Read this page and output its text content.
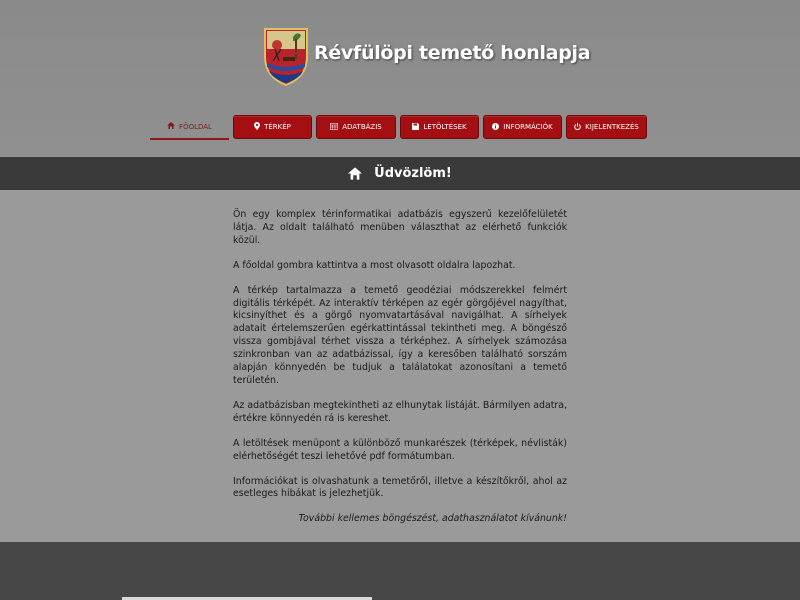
Révfülöpi temető honlapja
FŐOLDAL	TÉRKÉP	ADATBÁZIS	LETÖLTÉSEK	INFORMÁCIÓK	KIJELENTKEZÉS
Üdvözlöm!

Ön egy komplex térinformatikai adatbázis egyszerű kezelőfelületét látja. Az oldalt található menüben választhat az elérhető funkciók közül.

A főoldal gombra kattintva a most olvasott oldalra lapozhat.

A térkép tartalmazza a temető geodéziai módszerekkel felmért digitális térképét. Az interaktív térképen az egér görgőjével nagyíthat, kicsinyíthet és a görgő nyomvatartásával navigálhat. A sírhelyek adatait értelemszerűen egérkattintással tekintheti meg. A böngésző vissza gombjával térhet vissza a térképhez. A sírhelyek számozása szinkronban van az adatbázissal, így a keresőben található sorszám alapján könnyedén be tudjuk a találatokat azonosítani a temető területén.

Az adatbázisban megtekintheti az elhunytak listáját. Bármilyen adatra, értékre könnyedén rá is kereshet.

A letöltések menüpont a különböző munkarészek (térképek, névlisták) elérhetőségét teszi lehetővé pdf formátumban.

Információkat is olvashatunk a temetőről, illetve a készítőkről, ahol az esetleges hibákat is jelezhetjük.

További kellemes böngészést, adathasználatot kívánunk!
